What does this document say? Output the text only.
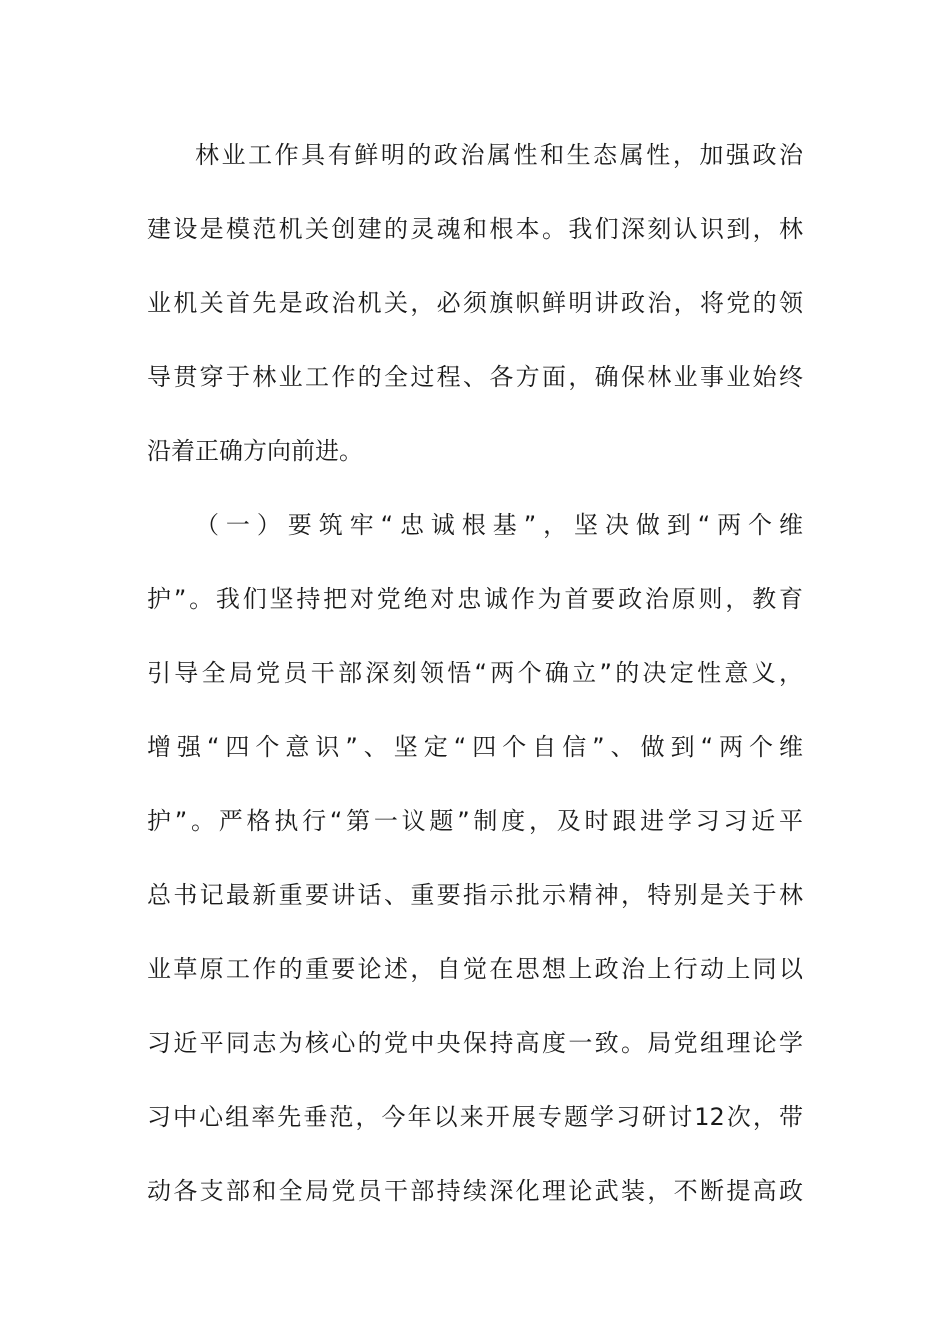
林业工作具有鲜明的政治属性和生态属性，加强政治
建设是模范机关创建的灵魂和根本。我们深刻认识到，林
业机关首先是政治机关，必须旗帜鲜明讲政治，将党的领
导贯穿于林业工作的全过程、各方面，确保林业事业始终
沿着正确方向前进。
（一）要筑牢“忠诚根基”，坚决做到“两个维
护”。我们坚持把对党绝对忠诚作为首要政治原则，教育
引导全局党员干部深刻领悟“两个确立”的决定性意义，
增强“四个意识”、坚定“四个自信”、做到“两个维
护”。严格执行“第一议题”制度，及时跟进学习习近平
总书记最新重要讲话、重要指示批示精神，特别是关于林
业草原工作的重要论述，自觉在思想上政治上行动上同以
习近平同志为核心的党中央保持高度一致。局党组理论学
习中心组率先垂范，今年以来开展专题学习研讨12次，带
动各支部和全局党员干部持续深化理论武装，不断提高政
